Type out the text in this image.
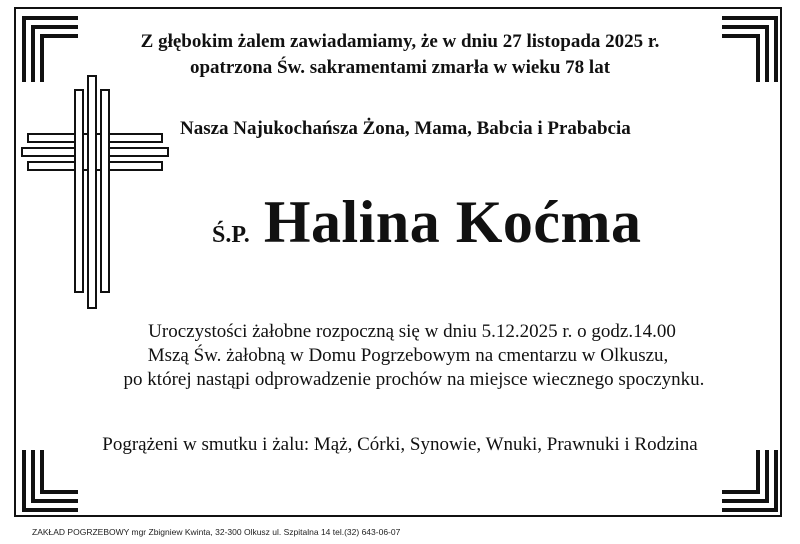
Z głębokim żalem zawiadamiamy, że w dniu 27 listopada 2025 r.
opatrzona Św. sakramentami zmarła w wieku 78 lat
Nasza Najukochańsza Żona, Mama, Babcia i Prababcia
Ś.P. Halina Koćma
Uroczystości żałobne rozpoczną się w dniu 5.12.2025 r. o godz.14.00
Mszą Św. żałobną w Domu Pogrzebowym na cmentarzu w Olkuszu,
po której nastąpi odprowadzenie prochów na miejsce wiecznego spoczynku.
Pogrążeni w smutku i żalu: Mąż, Córki, Synowie, Wnuki, Prawnuki i Rodzina
ZAKŁAD POGRZEBOWY mgr Zbigniew Kwinta, 32-300 Olkusz ul. Szpitalna 14 tel.(32) 643-06-07
